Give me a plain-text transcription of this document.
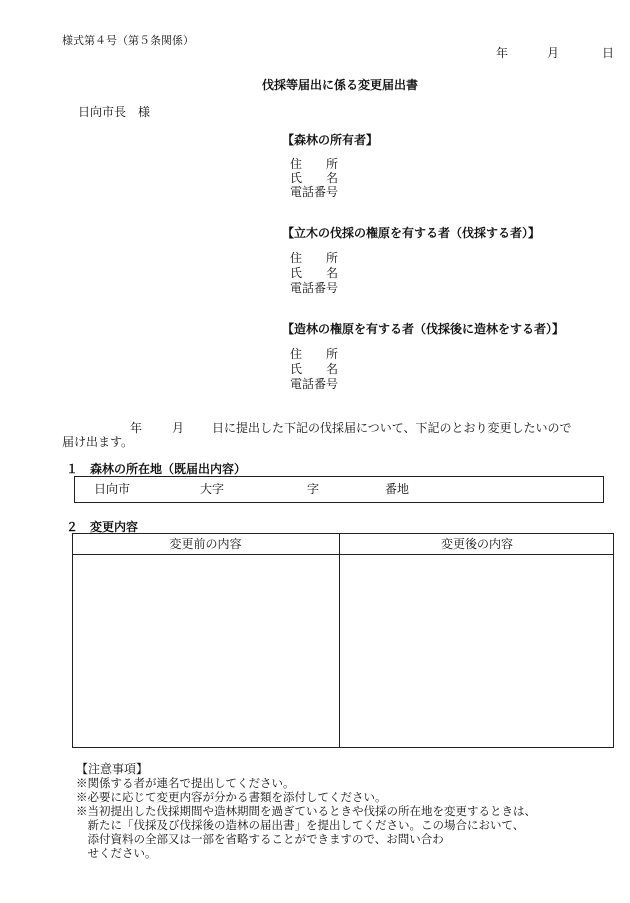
様式第４号（第５条関係）
年	月	日
伐採等届出に係る変更届出書
日向市長　様
【森林の所有者】
住　　所
氏　　名
電話番号
【立木の伐採の権原を有する者（伐採する者）】
住　　所
氏　　名
電話番号
【造林の権原を有する者（伐採後に造林をする者）】
住　　所
氏　　名
電話番号
年 月 日に提出した下記の伐採届について、下記のとおり変更したいので
届け出ます。
１　森林の所在地（既届出内容）
日向市	大字	字	番地
２　変更内容
変更前の内容	変更後の内容
【注意事項】
※関係する者が連名で提出してください。
※必要に応じて変更内容が分かる書類を添付してください。
※当初提出した伐採期間や造林期間を過ぎているときや伐採の所在地を変更するときは、
　新たに「伐採及び伐採後の造林の届出書」を提出してください。この場合において、
　添付資料の全部又は一部を省略することができますので、お問い合わ
　せください。
